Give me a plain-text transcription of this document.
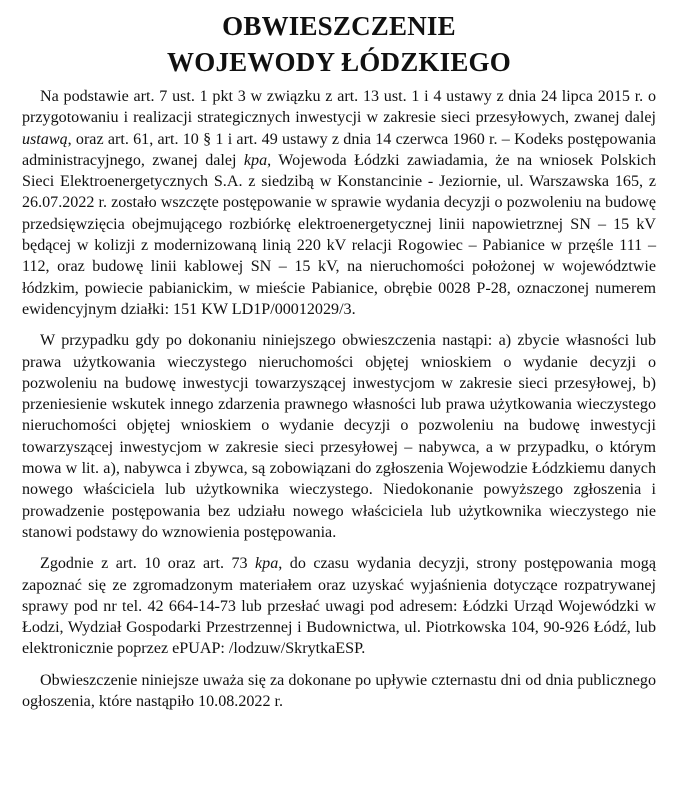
OBWIESZCZENIE
WOJEWODY ŁÓDZKIEGO

Na podstawie art. 7 ust. 1 pkt 3 w związku z art. 13 ust. 1 i 4 ustawy z dnia 24 lipca 2015 r. o przygotowaniu i realizacji strategicznych inwestycji w zakresie sieci przesyłowych, zwanej dalej ustawą, oraz art. 61, art. 10 § 1 i art. 49 ustawy z dnia 14 czerwca 1960 r. – Kodeks postępowania administracyjnego, zwanej dalej kpa, Wojewoda Łódzki zawiadamia, że na wniosek Polskich Sieci Elektroenergetycznych S.A. z siedzibą w Konstancinie - Jeziornie, ul. Warszawska 165, z 26.07.2022 r. zostało wszczęte postępowanie w sprawie wydania decyzji o pozwoleniu na budowę przedsięwzięcia obejmującego rozbiórkę elektroenergetycznej linii napowietrznej SN – 15 kV będącej w kolizji z modernizowaną linią 220 kV relacji Rogowiec – Pabianice w przęśle 111 – 112, oraz budowę linii kablowej SN – 15 kV, na nieruchomości położonej w województwie łódzkim, powiecie pabianickim, w mieście Pabianice, obrębie 0028 P-28, oznaczonej numerem ewidencyjnym działki: 151 KW LD1P/00012029/3.

W przypadku gdy po dokonaniu niniejszego obwieszczenia nastąpi: a) zbycie własności lub prawa użytkowania wieczystego nieruchomości objętej wnioskiem o wydanie decyzji o pozwoleniu na budowę inwestycji towarzyszącej inwestycjom w zakresie sieci przesyłowej, b) przeniesienie wskutek innego zdarzenia prawnego własności lub prawa użytkowania wieczystego nieruchomości objętej wnioskiem o wydanie decyzji o pozwoleniu na budowę inwestycji towarzyszącej inwestycjom w zakresie sieci przesyłowej – nabywca, a w przypadku, o którym mowa w lit. a), nabywca i zbywca, są zobowiązani do zgłoszenia Wojewodzie Łódzkiemu danych nowego właściciela lub użytkownika wieczystego. Niedokonanie powyższego zgłoszenia i prowadzenie postępowania bez udziału nowego właściciela lub użytkownika wieczystego nie stanowi podstawy do wznowienia postępowania.

Zgodnie z art. 10 oraz art. 73 kpa, do czasu wydania decyzji, strony postępowania mogą zapoznać się ze zgromadzonym materiałem oraz uzyskać wyjaśnienia dotyczące rozpatrywanej sprawy pod nr tel. 42 664-14-73 lub przesłać uwagi pod adresem: Łódzki Urząd Wojewódzki w Łodzi, Wydział Gospodarki Przestrzennej i Budownictwa, ul. Piotrkowska 104, 90-926 Łódź, lub elektronicznie poprzez ePUAP: /lodzuw/SkrytkaESP.

Obwieszczenie niniejsze uważa się za dokonane po upływie czternastu dni od dnia publicznego ogłoszenia, które nastąpiło 10.08.2022 r.
